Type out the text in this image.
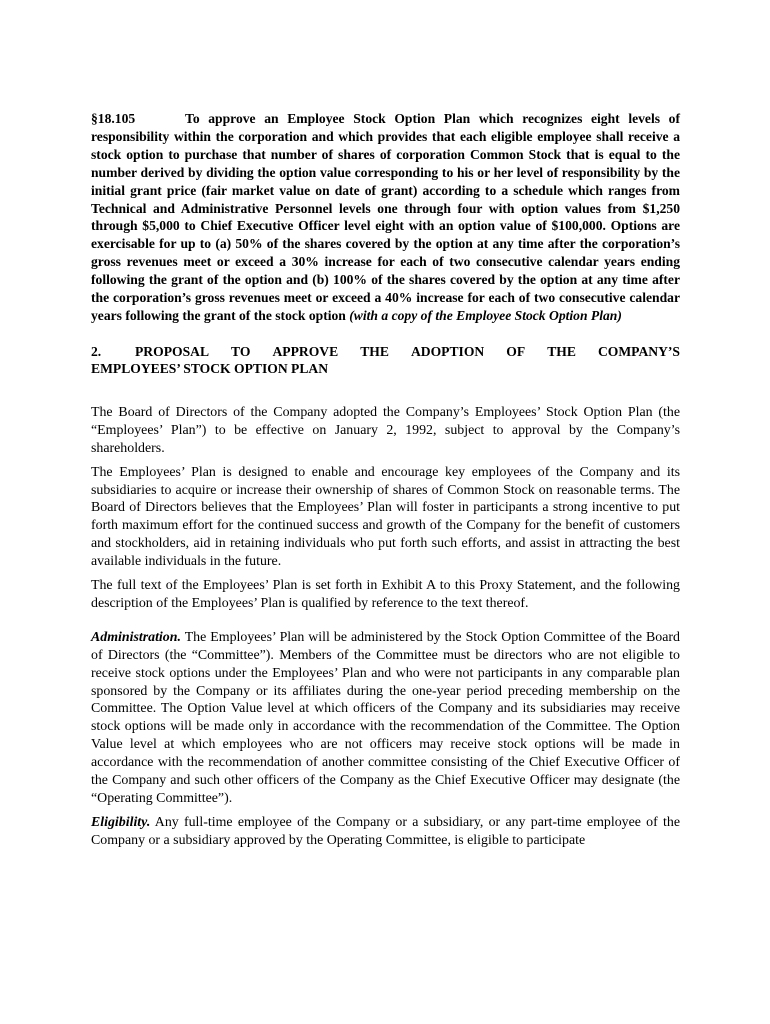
§18.105	To approve an Employee Stock Option Plan which recognizes eight levels of responsibility within the corporation and which provides that each eligible employee shall receive a stock option to purchase that number of shares of corporation Common Stock that is equal to the number derived by dividing the option value corresponding to his or her level of responsibility by the initial grant price (fair market value on date of grant) according to a schedule which ranges from Technical and Administrative Personnel levels one through four with option values from $1,250 through $5,000 to Chief Executive Officer level eight with an option value of $100,000. Options are exercisable for up to (a) 50% of the shares covered by the option at any time after the corporation’s gross revenues meet or exceed a 30% increase for each of two consecutive calendar years ending following the grant of the option and (b) 100% of the shares covered by the option at any time after the corporation’s gross revenues meet or exceed a 40% increase for each of two consecutive calendar years following the grant of the stock option (with a copy of the Employee Stock Option Plan)

2. PROPOSAL TO APPROVE THE ADOPTION OF THE COMPANY’S
EMPLOYEES’ STOCK OPTION PLAN

The Board of Directors of the Company adopted the Company’s Employees’ Stock Option Plan (the “Employees’ Plan”) to be effective on January 2, 1992, subject to approval by the Company’s shareholders.

The Employees’ Plan is designed to enable and encourage key employees of the Company and its subsidiaries to acquire or increase their ownership of shares of Common Stock on reasonable terms. The Board of Directors believes that the Employees’ Plan will foster in participants a strong incentive to put forth maximum effort for the continued success and growth of the Company for the benefit of customers and stockholders, aid in retaining individuals who put forth such efforts, and assist in attracting the best available individuals in the future.

The full text of the Employees’ Plan is set forth in Exhibit A to this Proxy Statement, and the following description of the Employees’ Plan is qualified by reference to the text thereof.

Administration. The Employees’ Plan will be administered by the Stock Option Committee of the Board of Directors (the “Committee”). Members of the Committee must be directors who are not eligible to receive stock options under the Employees’ Plan and who were not participants in any comparable plan sponsored by the Company or its affiliates during the one-year period preceding membership on the Committee. The Option Value level at which officers of the Company and its subsidiaries may receive stock options will be made only in accordance with the recommendation of the Committee. The Option Value level at which employees who are not officers may receive stock options will be made in accordance with the recommendation of another committee consisting of the Chief Executive Officer of the Company and such other officers of the Company as the Chief Executive Officer may designate (the “Operating Committee”).

Eligibility. Any full-time employee of the Company or a subsidiary, or any part-time employee of the Company or a subsidiary approved by the Operating Committee, is eligible to participate
